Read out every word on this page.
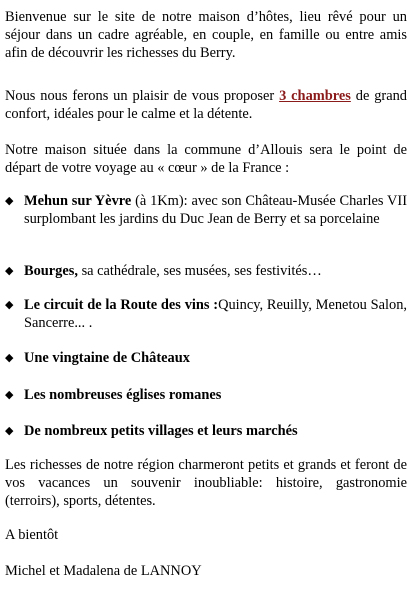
Bienvenue sur le site de notre maison d’hôtes, lieu rêvé pour un séjour dans un cadre agréable, en couple, en famille ou entre amis afin de découvrir les richesses du Berry.
Nous nous ferons un plaisir de vous proposer 3 chambres de grand confort, idéales pour le calme et la détente.
Notre maison située dans la commune d’Allouis sera le point de départ de votre voyage au « cœur » de la France :
◆ Mehun sur Yèvre (à 1Km): avec son Château-Musée Charles VII surplombant les jardins du Duc Jean de Berry et sa porcelaine
◆ Bourges, sa cathédrale, ses musées, ses festivités…
◆ Le circuit de la Route des vins :Quincy, Reuilly, Menetou Salon, Sancerre... .
◆ Une vingtaine de Châteaux
◆ Les nombreuses églises romanes
◆ De nombreux petits villages et leurs marchés
Les richesses de notre région charmeront petits et grands et feront de vos vacances un souvenir inoubliable: histoire, gastronomie (terroirs), sports, détentes.
A bientôt
Michel et Madalena de LANNOY
